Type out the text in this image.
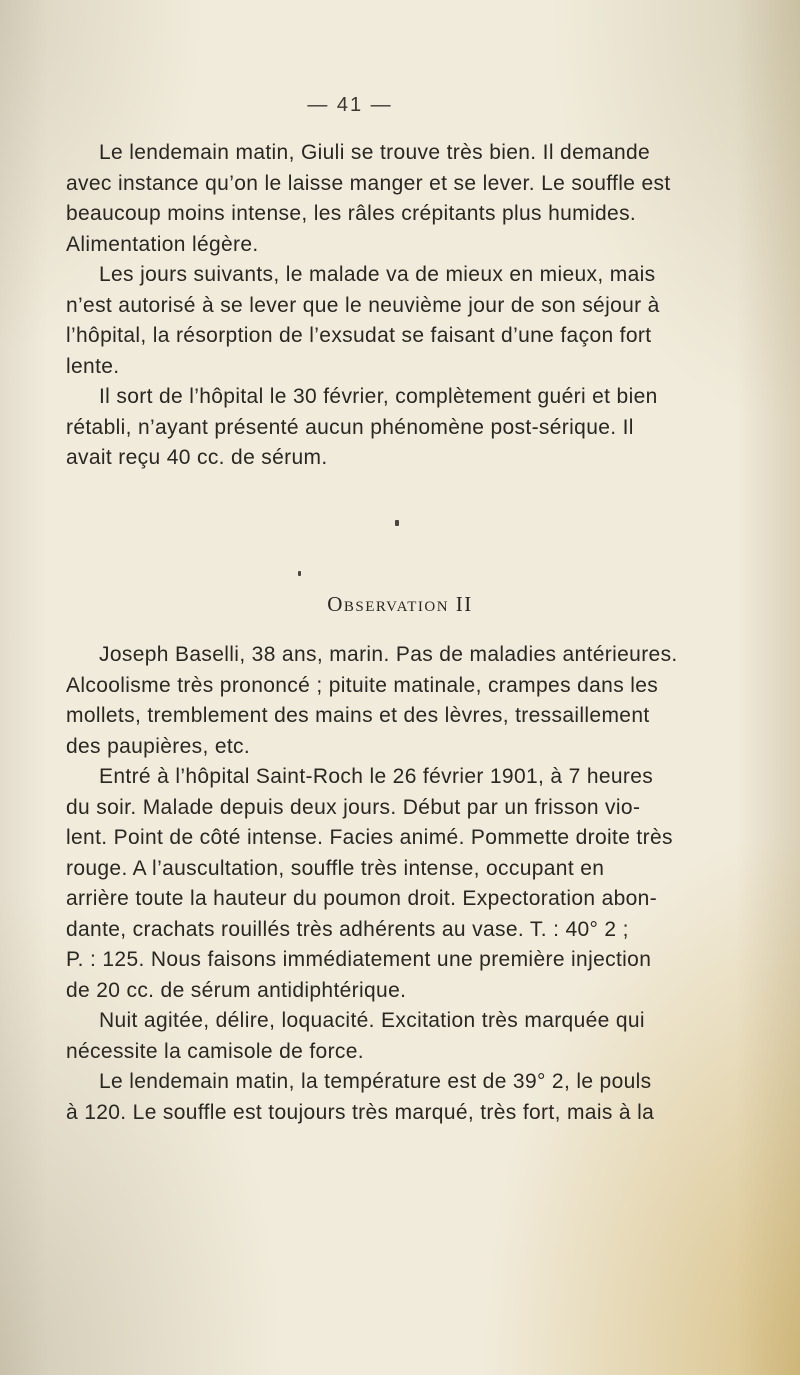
— 41 —

Le lendemain matin, Giuli se trouve très bien. Il demande
avec instance qu’on le laisse manger et se lever. Le souffle est
beaucoup moins intense, les râles crépitants plus humides.
Alimentation légère.

Les jours suivants, le malade va de mieux en mieux, mais
n’est autorisé à se lever que le neuvième jour de son séjour à
l’hôpital, la résorption de l’exsudat se faisant d’une façon fort
lente.

Il sort de l’hôpital le 30 février, complètement guéri et bien
rétabli, n’ayant présenté aucun phénomène post-sérique. Il
avait reçu 40 cc. de sérum.

Observation II

Joseph Baselli, 38 ans, marin. Pas de maladies antérieures.
Alcoolisme très prononcé ; pituite matinale, crampes dans les
mollets, tremblement des mains et des lèvres, tressaillement
des paupières, etc.

Entré à l’hôpital Saint-Roch le 26 février 1901, à 7 heures
du soir. Malade depuis deux jours. Début par un frisson vio-
lent. Point de côté intense. Facies animé. Pommette droite très
rouge. A l’auscultation, souffle très intense, occupant en
arrière toute la hauteur du poumon droit. Expectoration abon-
dante, crachats rouillés très adhérents au vase. T. : 40° 2 ;
P. : 125. Nous faisons immédiatement une première injection
de 20 cc. de sérum antidiphtérique.

Nuit agitée, délire, loquacité. Excitation très marquée qui
nécessite la camisole de force.

Le lendemain matin, la température est de 39° 2, le pouls
à 120. Le souffle est toujours très marqué, très fort, mais à la
